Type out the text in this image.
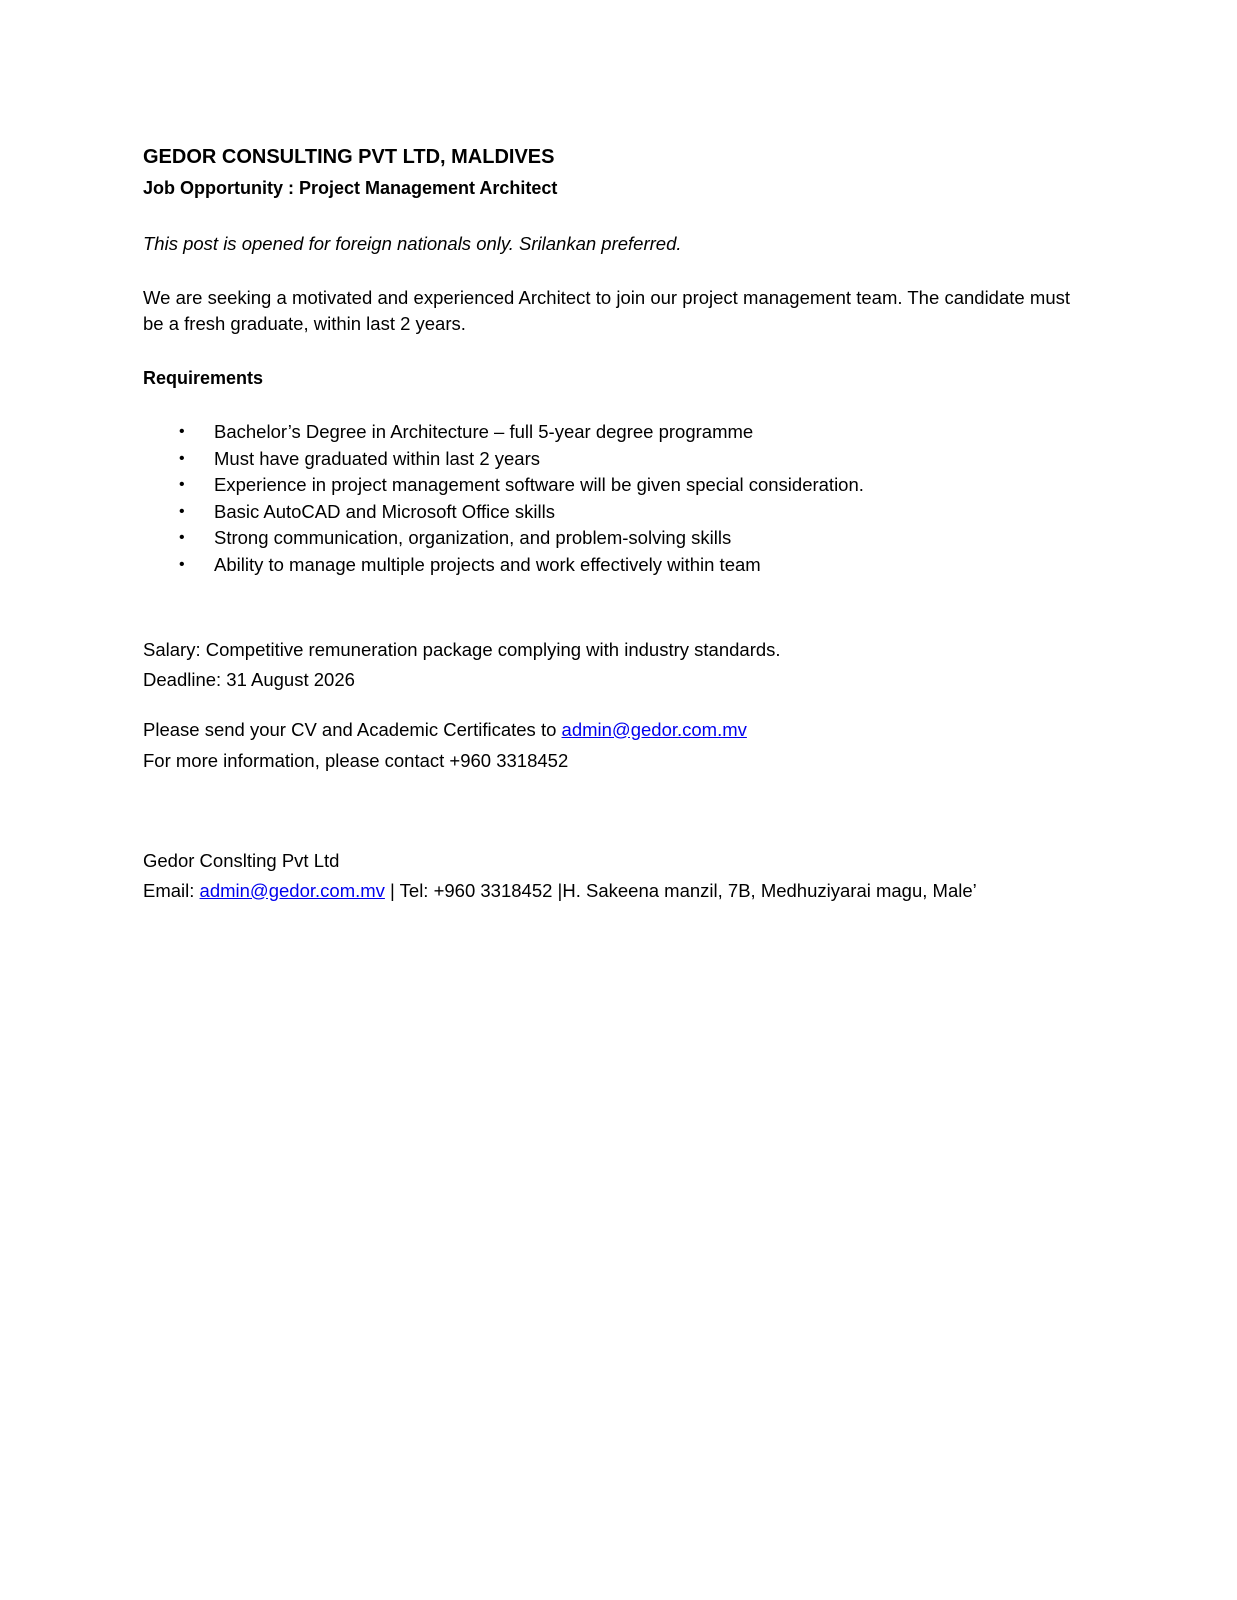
GEDOR CONSULTING PVT LTD, MALDIVES

Job Opportunity : Project Management Architect

This post is opened for foreign nationals only. Srilankan preferred.

We are seeking a motivated and experienced Architect to join our project management team. The candidate must be a fresh graduate, within last 2 years.

Requirements

• Bachelor’s Degree in Architecture – full 5-year degree programme
• Must have graduated within last 2 years
• Experience in project management software will be given special consideration.
• Basic AutoCAD and Microsoft Office skills
• Strong communication, organization, and problem-solving skills
• Ability to manage multiple projects and work effectively within team

Salary: Competitive remuneration package complying with industry standards.

Deadline: 31 August 2026

Please send your CV and Academic Certificates to admin@gedor.com.mv

For more information, please contact +960 3318452

Gedor Conslting Pvt Ltd

Email: admin@gedor.com.mv | Tel: +960 3318452 |H. Sakeena manzil, 7B, Medhuziyarai magu, Male’
